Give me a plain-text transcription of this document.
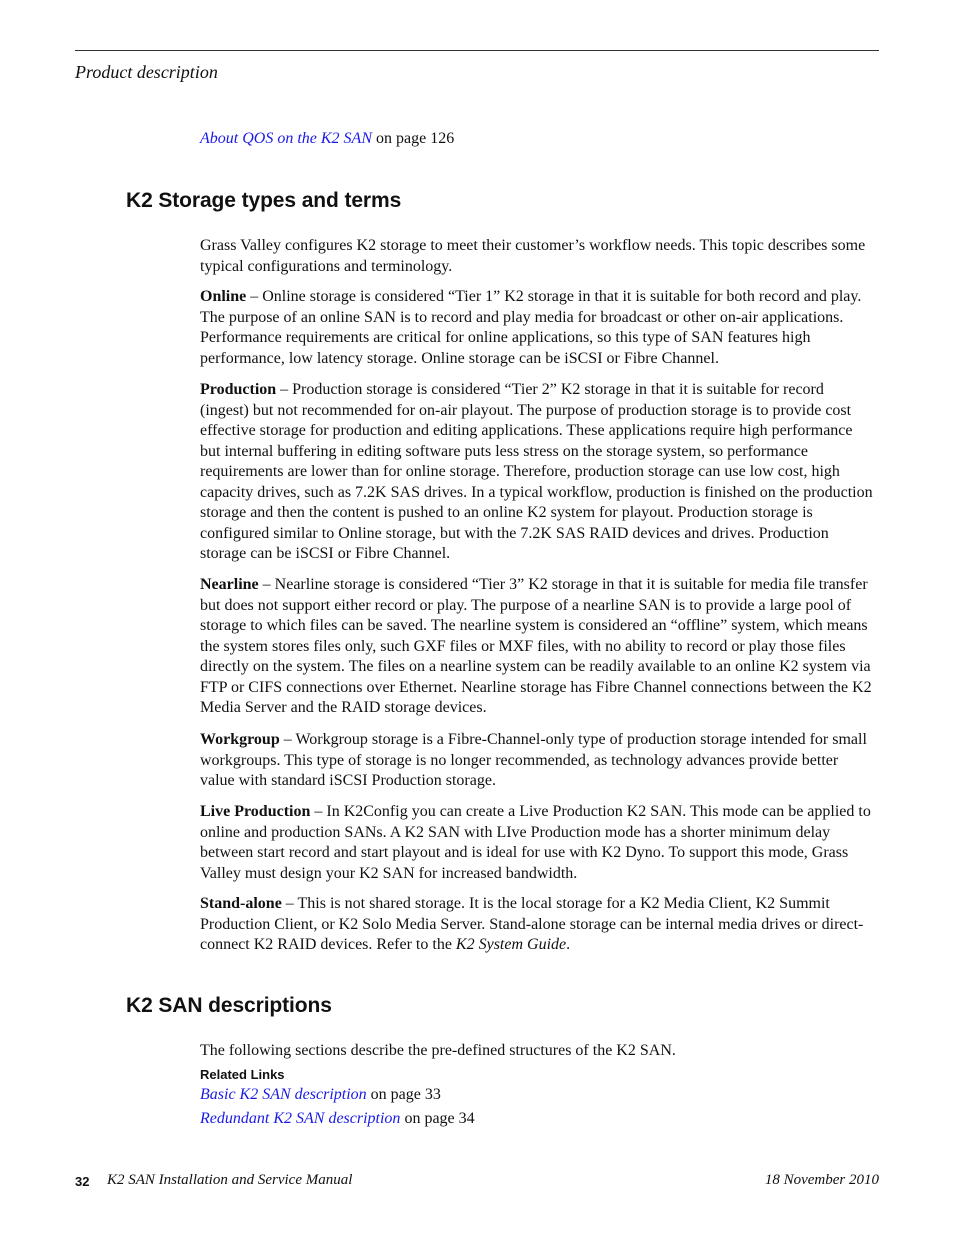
Product description
About QOS on the K2 SAN on page 126
K2 Storage types and terms

Grass Valley configures K2 storage to meet their customer’s workflow needs. This topic describes some typical configurations and terminology.

Online – Online storage is considered “Tier 1” K2 storage in that it is suitable for both record and play. The purpose of an online SAN is to record and play media for broadcast or other on-air applications. Performance requirements are critical for online applications, so this type of SAN features high performance, low latency storage. Online storage can be iSCSI or Fibre Channel.

Production – Production storage is considered “Tier 2” K2 storage in that it is suitable for record (ingest) but not recommended for on-air playout. The purpose of production storage is to provide cost effective storage for production and editing applications. These applications require high performance but internal buffering in editing software puts less stress on the storage system, so performance requirements are lower than for online storage. Therefore, production storage can use low cost, high capacity drives, such as 7.2K SAS drives. In a typical workflow, production is finished on the production storage and then the content is pushed to an online K2 system for playout. Production storage is configured similar to Online storage, but with the 7.2K SAS RAID devices and drives. Production storage can be iSCSI or Fibre Channel.

Nearline – Nearline storage is considered “Tier 3” K2 storage in that it is suitable for media file transfer but does not support either record or play. The purpose of a nearline SAN is to provide a large pool of storage to which files can be saved. The nearline system is considered an “offline” system, which means the system stores files only, such GXF files or MXF files, with no ability to record or play those files directly on the system. The files on a nearline system can be readily available to an online K2 system via FTP or CIFS connections over Ethernet. Nearline storage has Fibre Channel connections between the K2 Media Server and the RAID storage devices.

Workgroup – Workgroup storage is a Fibre-Channel-only type of production storage intended for small workgroups. This type of storage is no longer recommended, as technology advances provide better value with standard iSCSI Production storage.

Live Production – In K2Config you can create a Live Production K2 SAN. This mode can be applied to online and production SANs. A K2 SAN with LIve Production mode has a shorter minimum delay between start record and start playout and is ideal for use with K2 Dyno. To support this mode, Grass Valley must design your K2 SAN for increased bandwidth.

Stand-alone – This is not shared storage. It is the local storage for a K2 Media Client, K2 Summit Production Client, or K2 Solo Media Server. Stand-alone storage can be internal media drives or direct-connect K2 RAID devices. Refer to the K2 System Guide.

K2 SAN descriptions

The following sections describe the pre-defined structures of the K2 SAN.

Related Links

Basic K2 SAN description on page 33
Redundant K2 SAN description on page 34
32 K2 SAN Installation and Service Manual	18 November 2010
